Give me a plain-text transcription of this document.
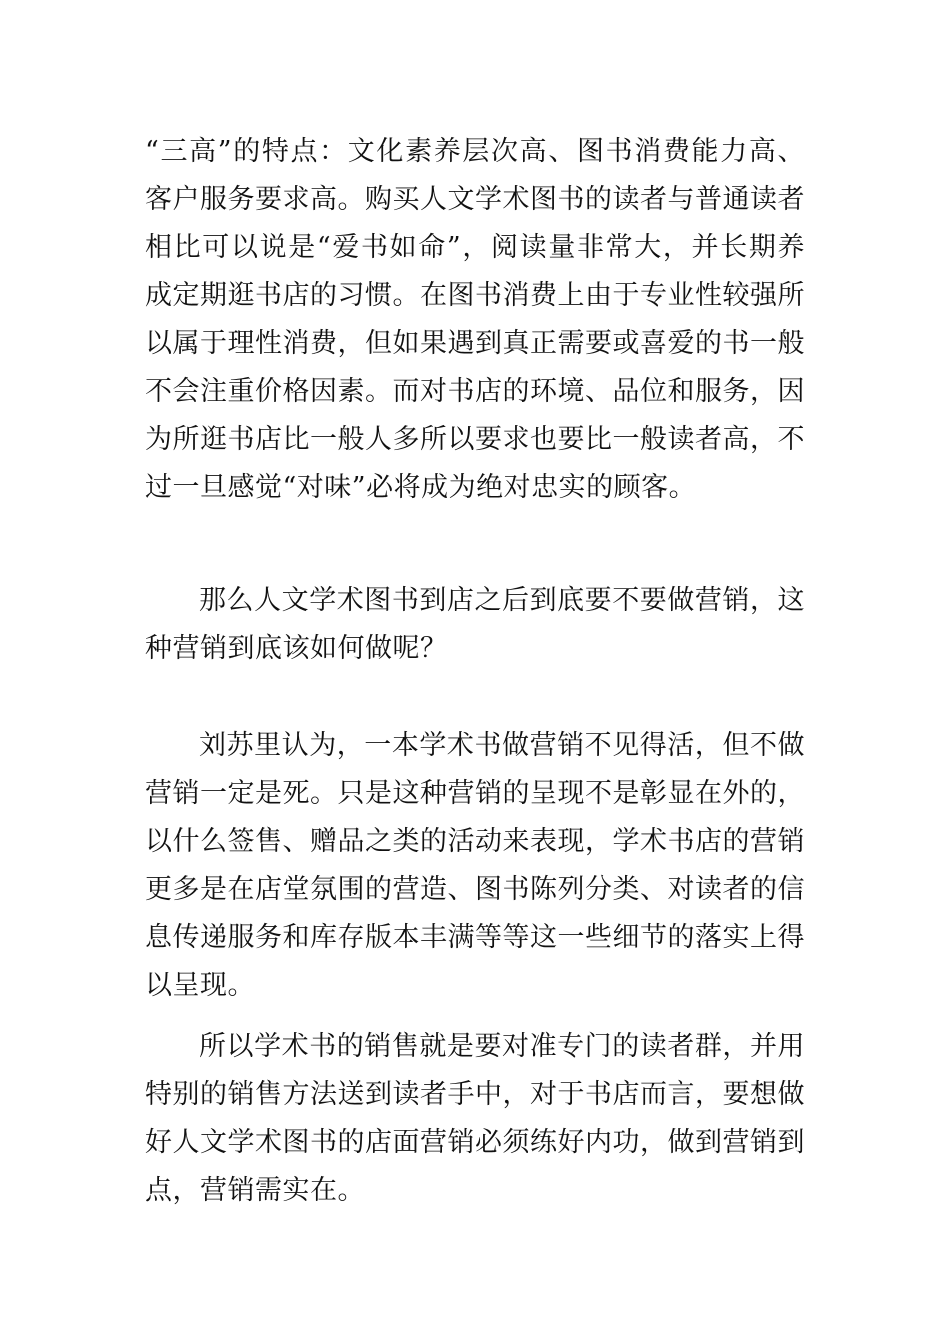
“三高”的特点：文化素养层次高、图书消费能力高、客户服务要求高。购买人文学术图书的读者与普通读者相比可以说是“爱书如命”，阅读量非常大，并长期养成定期逛书店的习惯。在图书消费上由于专业性较强所以属于理性消费，但如果遇到真正需要或喜爱的书一般不会注重价格因素。而对书店的环境、品位和服务，因为所逛书店比一般人多所以要求也要比一般读者高，不过一旦感觉“对味”必将成为绝对忠实的顾客。

那么人文学术图书到店之后到底要不要做营销，这种营销到底该如何做呢？

刘苏里认为，一本学术书做营销不见得活，但不做营销一定是死。只是这种营销的呈现不是彰显在外的，以什么签售、赠品之类的活动来表现，学术书店的营销更多是在店堂氛围的营造、图书陈列分类、对读者的信息传递服务和库存版本丰满等等这一些细节的落实上得以呈现。

所以学术书的销售就是要对准专门的读者群，并用特别的销售方法送到读者手中，对于书店而言，要想做好人文学术图书的店面营销必须练好内功，做到营销到点，营销需实在。
